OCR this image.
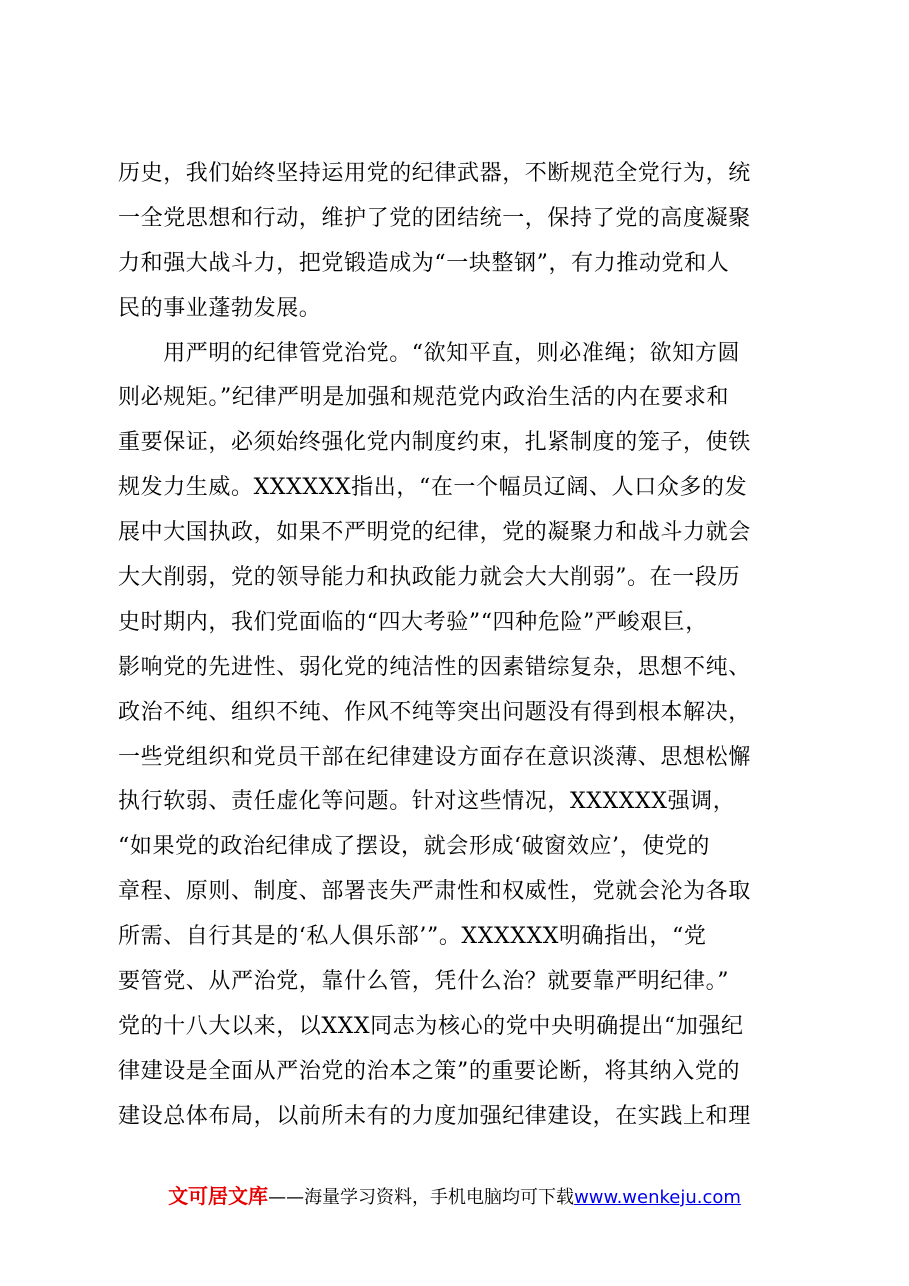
历史，我们始终坚持运用党的纪律武器，不断规范全党行为，统
一全党思想和行动，维护了党的团结统一，保持了党的高度凝聚
力和强大战斗力，把党锻造成为“一块整钢”，有力推动党和人
民的事业蓬勃发展。
　　用严明的纪律管党治党。“欲知平直，则必准绳；欲知方圆
则必规矩。”纪律严明是加强和规范党内政治生活的内在要求和
重要保证，必须始终强化党内制度约束，扎紧制度的笼子，使铁
规发力生威。XXXXXX指出，“在一个幅员辽阔、人口众多的发
展中大国执政，如果不严明党的纪律，党的凝聚力和战斗力就会
大大削弱，党的领导能力和执政能力就会大大削弱”。在一段历
史时期内，我们党面临的“四大考验”“四种危险”严峻艰巨，
影响党的先进性、弱化党的纯洁性的因素错综复杂，思想不纯、
政治不纯、组织不纯、作风不纯等突出问题没有得到根本解决，
一些党组织和党员干部在纪律建设方面存在意识淡薄、思想松懈
执行软弱、责任虚化等问题。针对这些情况，XXXXXX强调，
“如果党的政治纪律成了摆设，就会形成‘破窗效应’，使党的
章程、原则、制度、部署丧失严肃性和权威性，党就会沦为各取
所需、自行其是的‘私人俱乐部’”。XXXXXX明确指出，“党
要管党、从严治党，靠什么管，凭什么治？就要靠严明纪律。”
党的十八大以来，以XXX同志为核心的党中央明确提出“加强纪
律建设是全面从严治党的治本之策”的重要论断，将其纳入党的
建设总体布局，以前所未有的力度加强纪律建设，在实践上和理
文可居文库——海量学习资料，手机电脑均可下载www.wenkeju.com
